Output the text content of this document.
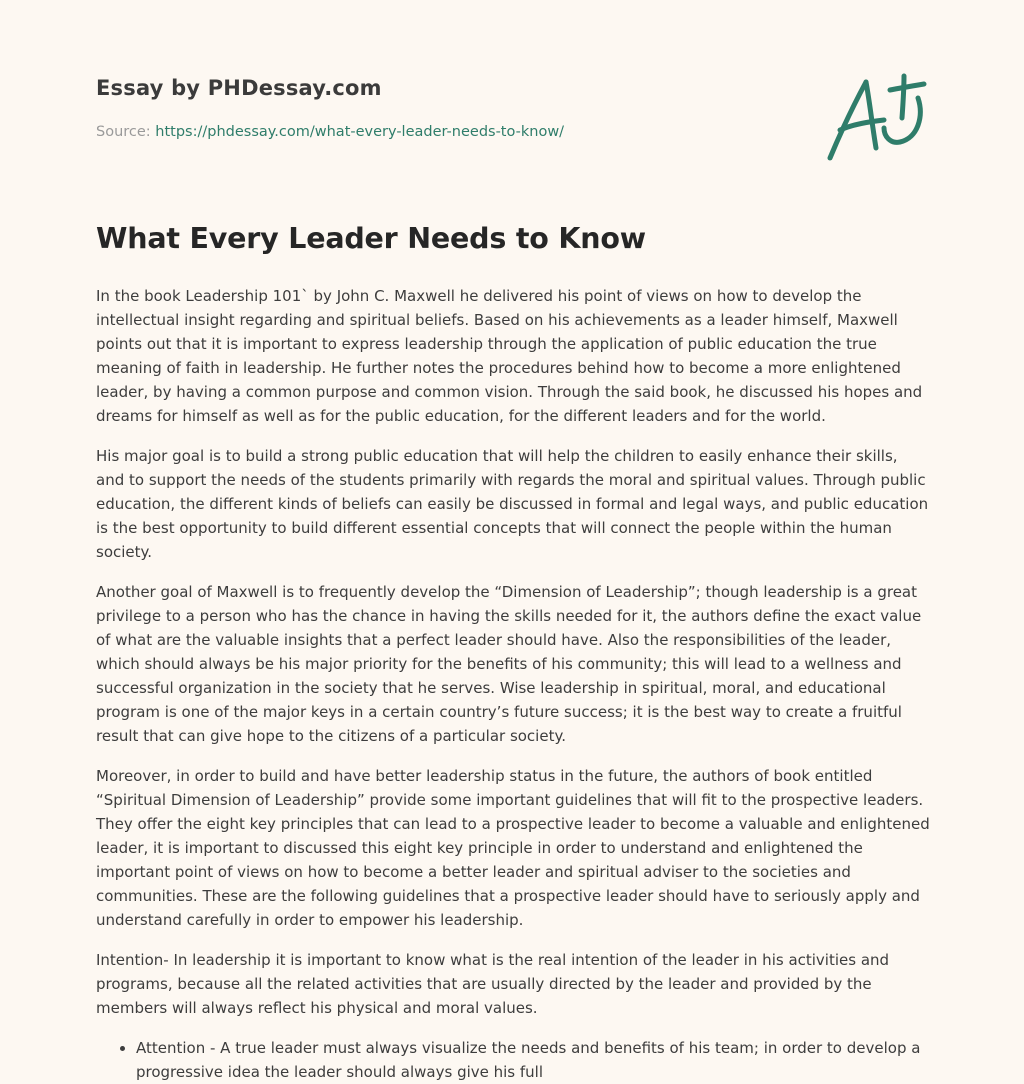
Essay by PHDessay.com
Source: https://phdessay.com/what-every-leader-needs-to-know/
What Every Leader Needs to Know

In the book Leadership 101` by John C. Maxwell he delivered his point of views on how to develop the intellectual insight regarding and spiritual beliefs. Based on his achievements as a leader himself, Maxwell points out that it is important to express leadership through the application of public education the true meaning of faith in leadership. He further notes the procedures behind how to become a more enlightened leader, by having a common purpose and common vision. Through the said book, he discussed his hopes and dreams for himself as well as for the public education, for the different leaders and for the world.

His major goal is to build a strong public education that will help the children to easily enhance their skills, and to support the needs of the students primarily with regards the moral and spiritual values. Through public education, the different kinds of beliefs can easily be discussed in formal and legal ways, and public education is the best opportunity to build different essential concepts that will connect the people within the human society.

Another goal of Maxwell is to frequently develop the “Dimension of Leadership”; though leadership is a great privilege to a person who has the chance in having the skills needed for it, the authors define the exact value of what are the valuable insights that a perfect leader should have. Also the responsibilities of the leader, which should always be his major priority for the benefits of his community; this will lead to a wellness and successful organization in the society that he serves. Wise leadership in spiritual, moral, and educational program is one of the major keys in a certain country’s future success; it is the best way to create a fruitful result that can give hope to the citizens of a particular society.

Moreover, in order to build and have better leadership status in the future, the authors of book entitled “Spiritual Dimension of Leadership” provide some important guidelines that will fit to the prospective leaders. They offer the eight key principles that can lead to a prospective leader to become a valuable and enlightened leader, it is important to discussed this eight key principle in order to understand and enlightened the important point of views on how to become a better leader and spiritual adviser to the societies and communities. These are the following guidelines that a prospective leader should have to seriously apply and understand carefully in order to empower his leadership.

Intention- In leadership it is important to know what is the real intention of the leader in his activities and programs, because all the related activities that are usually directed by the leader and provided by the members will always reflect his physical and moral values.

• Attention - A true leader must always visualize the needs and benefits of his team; in order to develop a progressive idea the leader should always give his full
